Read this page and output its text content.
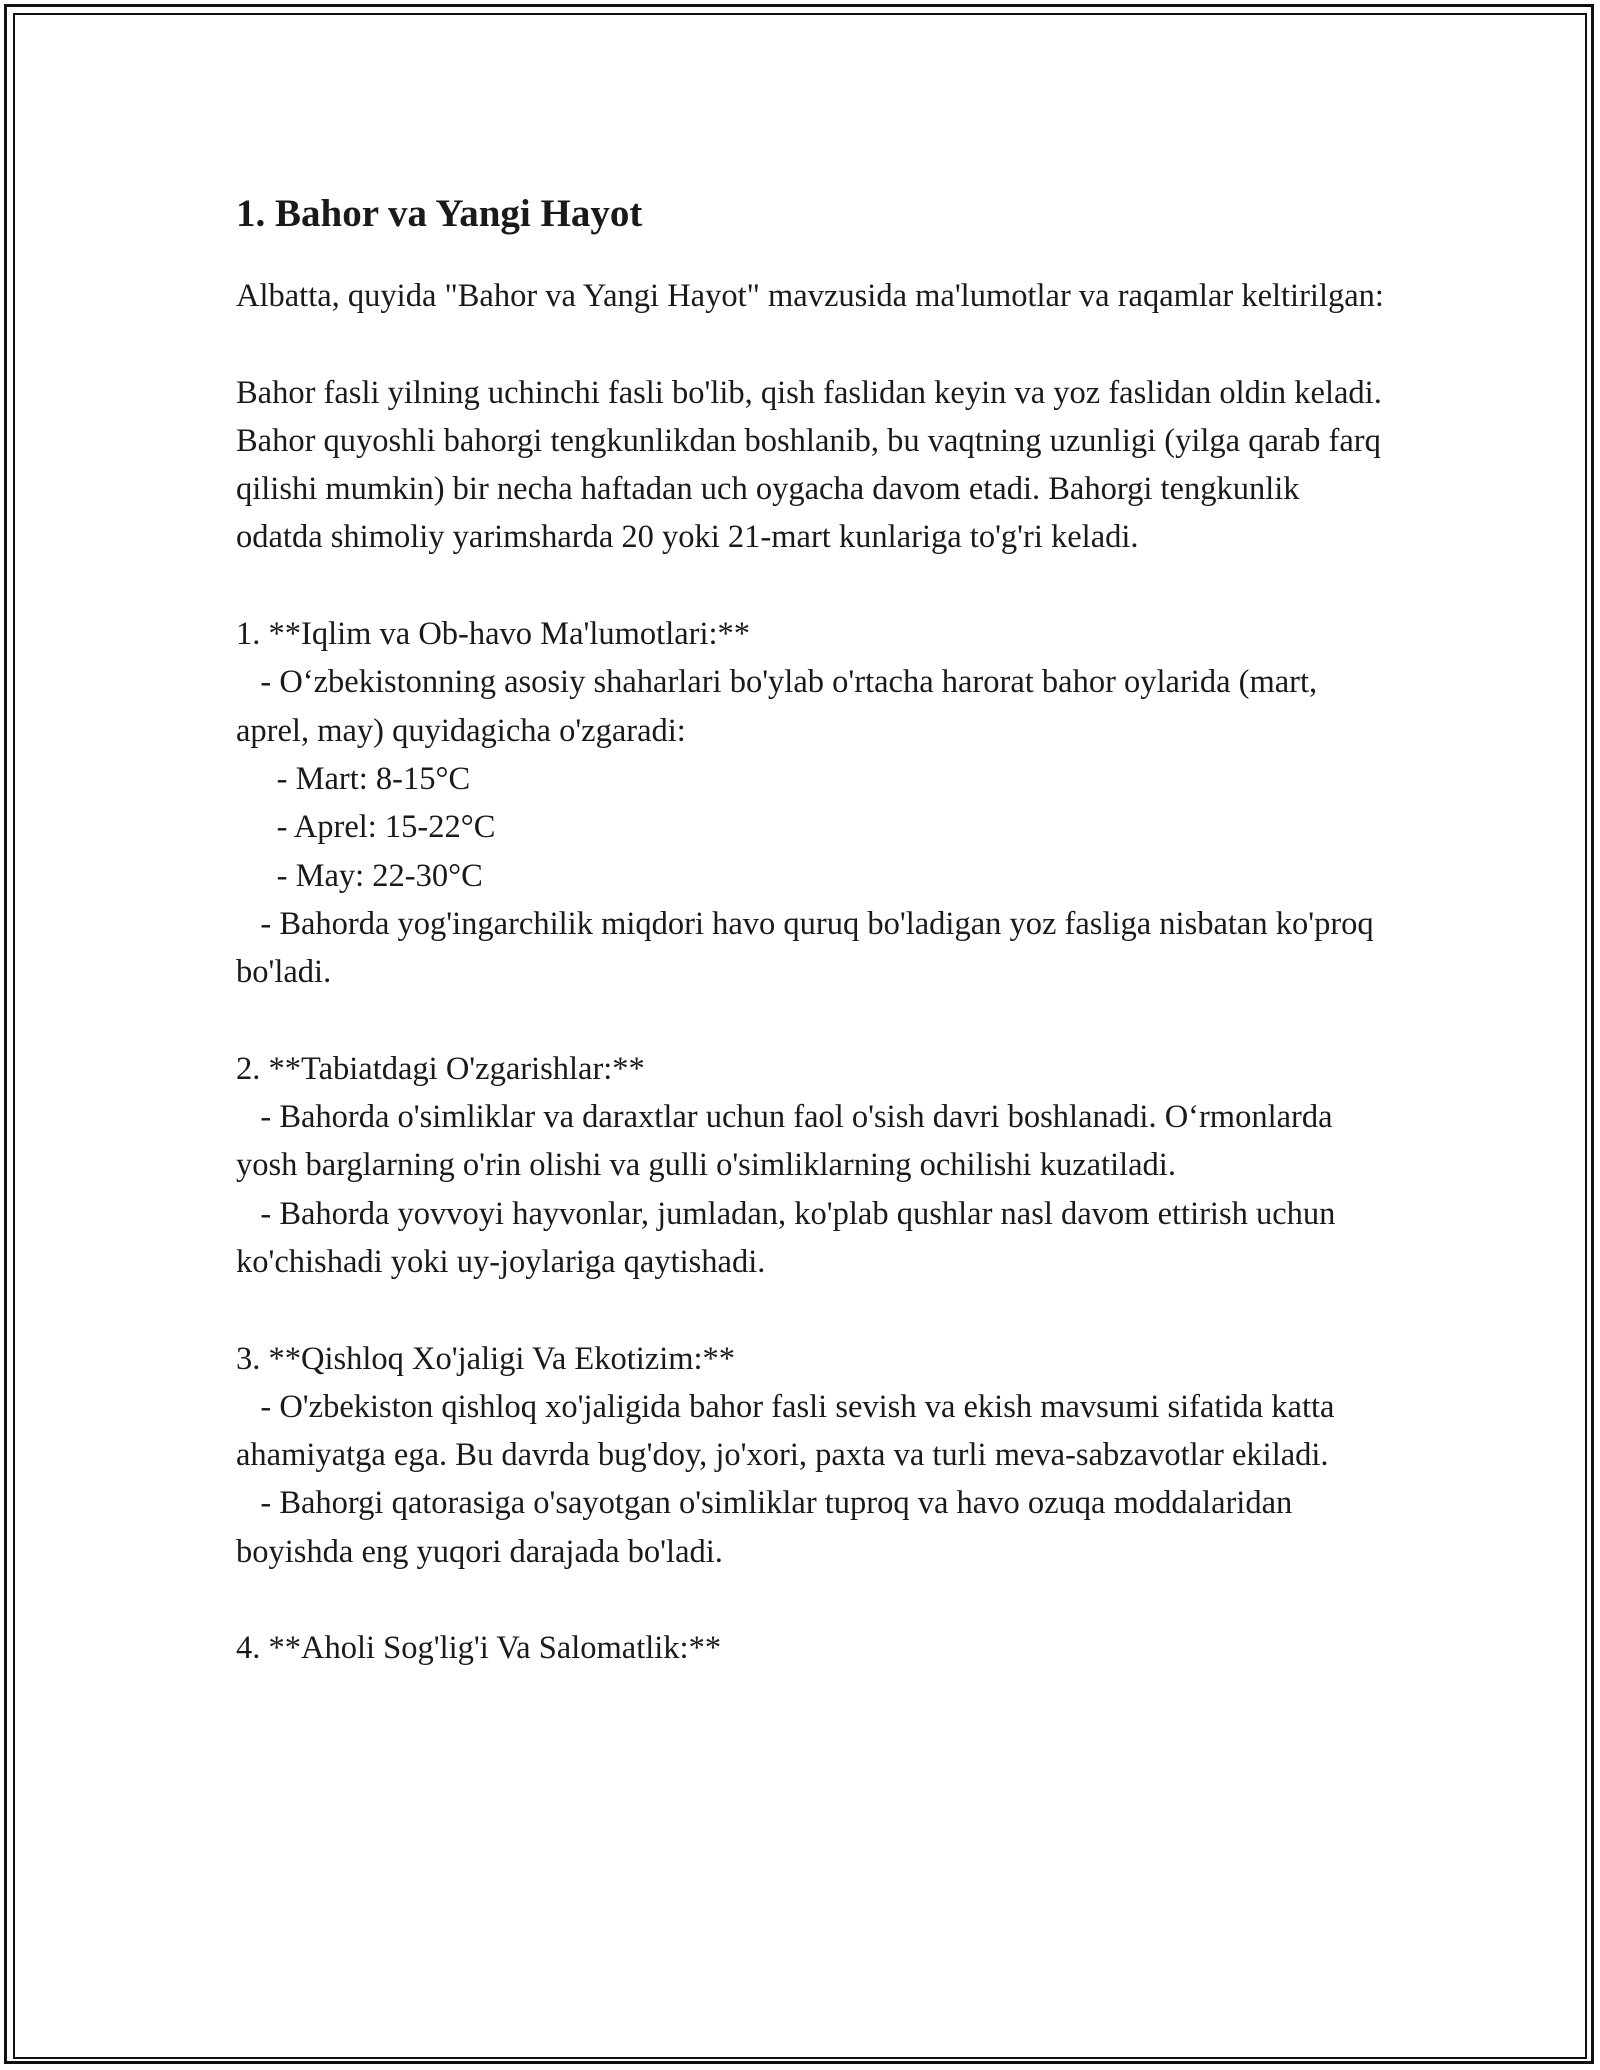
1. Bahor va Yangi Hayot

Albatta, quyida "Bahor va Yangi Hayot" mavzusida ma'lumotlar va raqamlar keltirilgan:

Bahor fasli yilning uchinchi fasli bo'lib, qish faslidan keyin va yoz faslidan oldin keladi. Bahor quyoshli bahorgi tengkunlikdan boshlanib, bu vaqtning uzunligi (yilga qarab farq qilishi mumkin) bir necha haftadan uch oygacha davom etadi. Bahorgi tengkunlik odatda shimoliy yarimsharda 20 yoki 21-mart kunlariga to'g'ri keladi.

1. **Iqlim va Ob-havo Ma'lumotlari:**

- O‘zbekistonning asosiy shaharlari bo'ylab o'rtacha harorat bahor oylarida (mart, aprel, may) quyidagicha o'zgaradi:

- Mart: 8-15°C

- Aprel: 15-22°C

- May: 22-30°C

- Bahorda yog'ingarchilik miqdori havo quruq bo'ladigan yoz fasliga nisbatan ko'proq bo'ladi.

2. **Tabiatdagi O'zgarishlar:**

- Bahorda o'simliklar va daraxtlar uchun faol o'sish davri boshlanadi. O‘rmonlarda yosh barglarning o'rin olishi va gulli o'simliklarning ochilishi kuzatiladi.

- Bahorda yovvoyi hayvonlar, jumladan, ko'plab qushlar nasl davom ettirish uchun ko'chishadi yoki uy-joylariga qaytishadi.

3. **Qishloq Xo'jaligi Va Ekotizim:**

- O'zbekiston qishloq xo'jaligida bahor fasli sevish va ekish mavsumi sifatida katta ahamiyatga ega. Bu davrda bug'doy, jo'xori, paxta va turli meva-sabzavotlar ekiladi.

- Bahorgi qatorasiga o'sayotgan o'simliklar tuproq va havo ozuqa moddalaridan boyishda eng yuqori darajada bo'ladi.

4. **Aholi Sog'lig'i Va Salomatlik:**
